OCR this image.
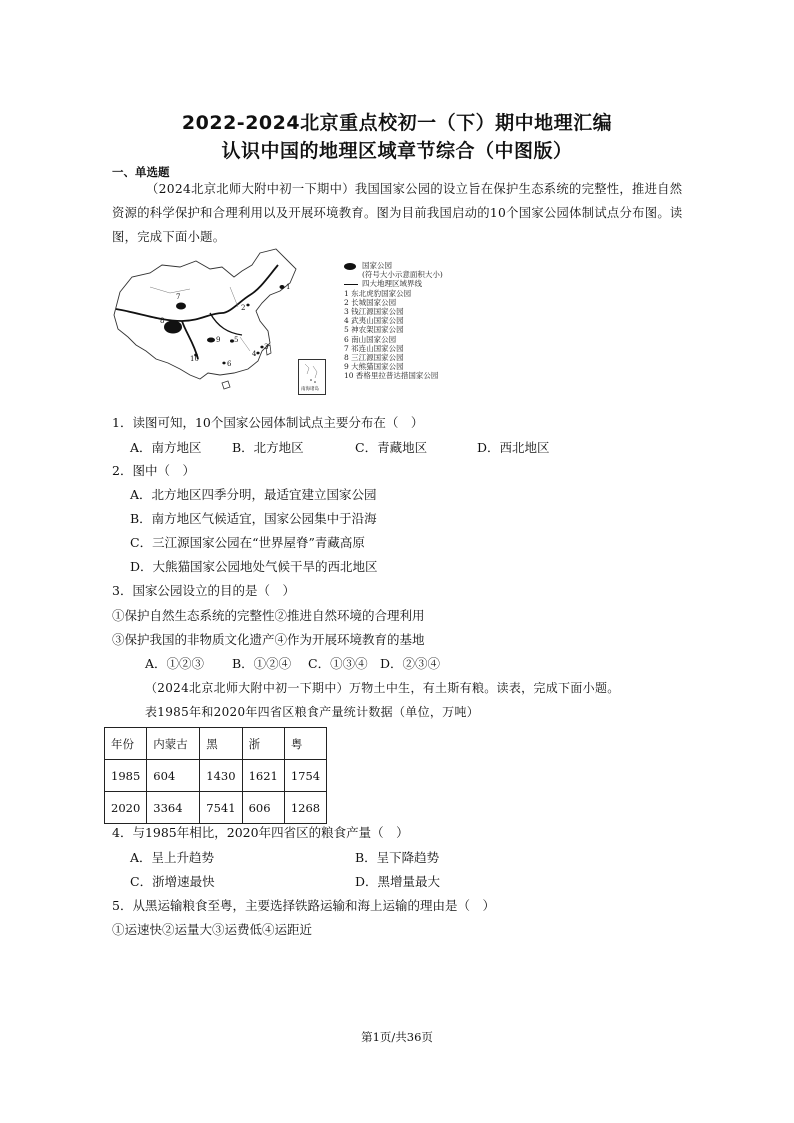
2022-2024北京重点校初一（下）期中地理汇编
认识中国的地理区域章节综合（中图版）
一、单选题
（2024北京北师大附中初一下期中）我国国家公园的设立旨在保护生态系统的完整性，推进自然资源的科学保护和合理利用以及开展环境教育。图为目前我国启动的10个国家公园体制试点分布图。读图，完成下面小题。
1
2
3
4
5
6
7
8
9
10
南海诸岛
国家公园
(符号大小示意面积大小)
四大地理区域界线
1 东北虎豹国家公园
2 长城国家公园
3 钱江源国家公园
4 武夷山国家公园
5 神农架国家公园
6 南山国家公园
7 祁连山国家公园
8 三江源国家公园
9 大熊猫国家公园
10 香格里拉普达措国家公园
1．读图可知，10个国家公园体制试点主要分布在（　）
A．南方地区 B．北方地区	C．青藏地区	D．西北地区
2．图中（　）
A．北方地区四季分明，最适宜建立国家公园
B．南方地区气候适宜，国家公园集中于沿海
C．三江源国家公园在“世界屋脊”青藏高原
D．大熊猫国家公园地处气候干旱的西北地区
3．国家公园设立的目的是（　）
①保护自然生态系统的完整性②推进自然环境的合理利用
③保护我国的非物质文化遗产④作为开展环境教育的基地
A．①②③ B．①②④ C．①③④ D．②③④
（2024北京北师大附中初一下期中）万物土中生，有土斯有粮。读表，完成下面小题。
表1985年和2020年四省区粮食产量统计数据（单位，万吨）
年份	内蒙古	黑	浙	粤
1985	604	1430	1621	1754
2020	3364	7541	606	1268
4．与1985年相比，2020年四省区的粮食产量（　）
A．呈上升趋势	B．呈下降趋势
C．浙增速最快	D．黑增量最大
5．从黑运输粮食至粤，主要选择铁路运输和海上运输的理由是（　）
①运速快②运量大③运费低④运距近
第1页/共36页
